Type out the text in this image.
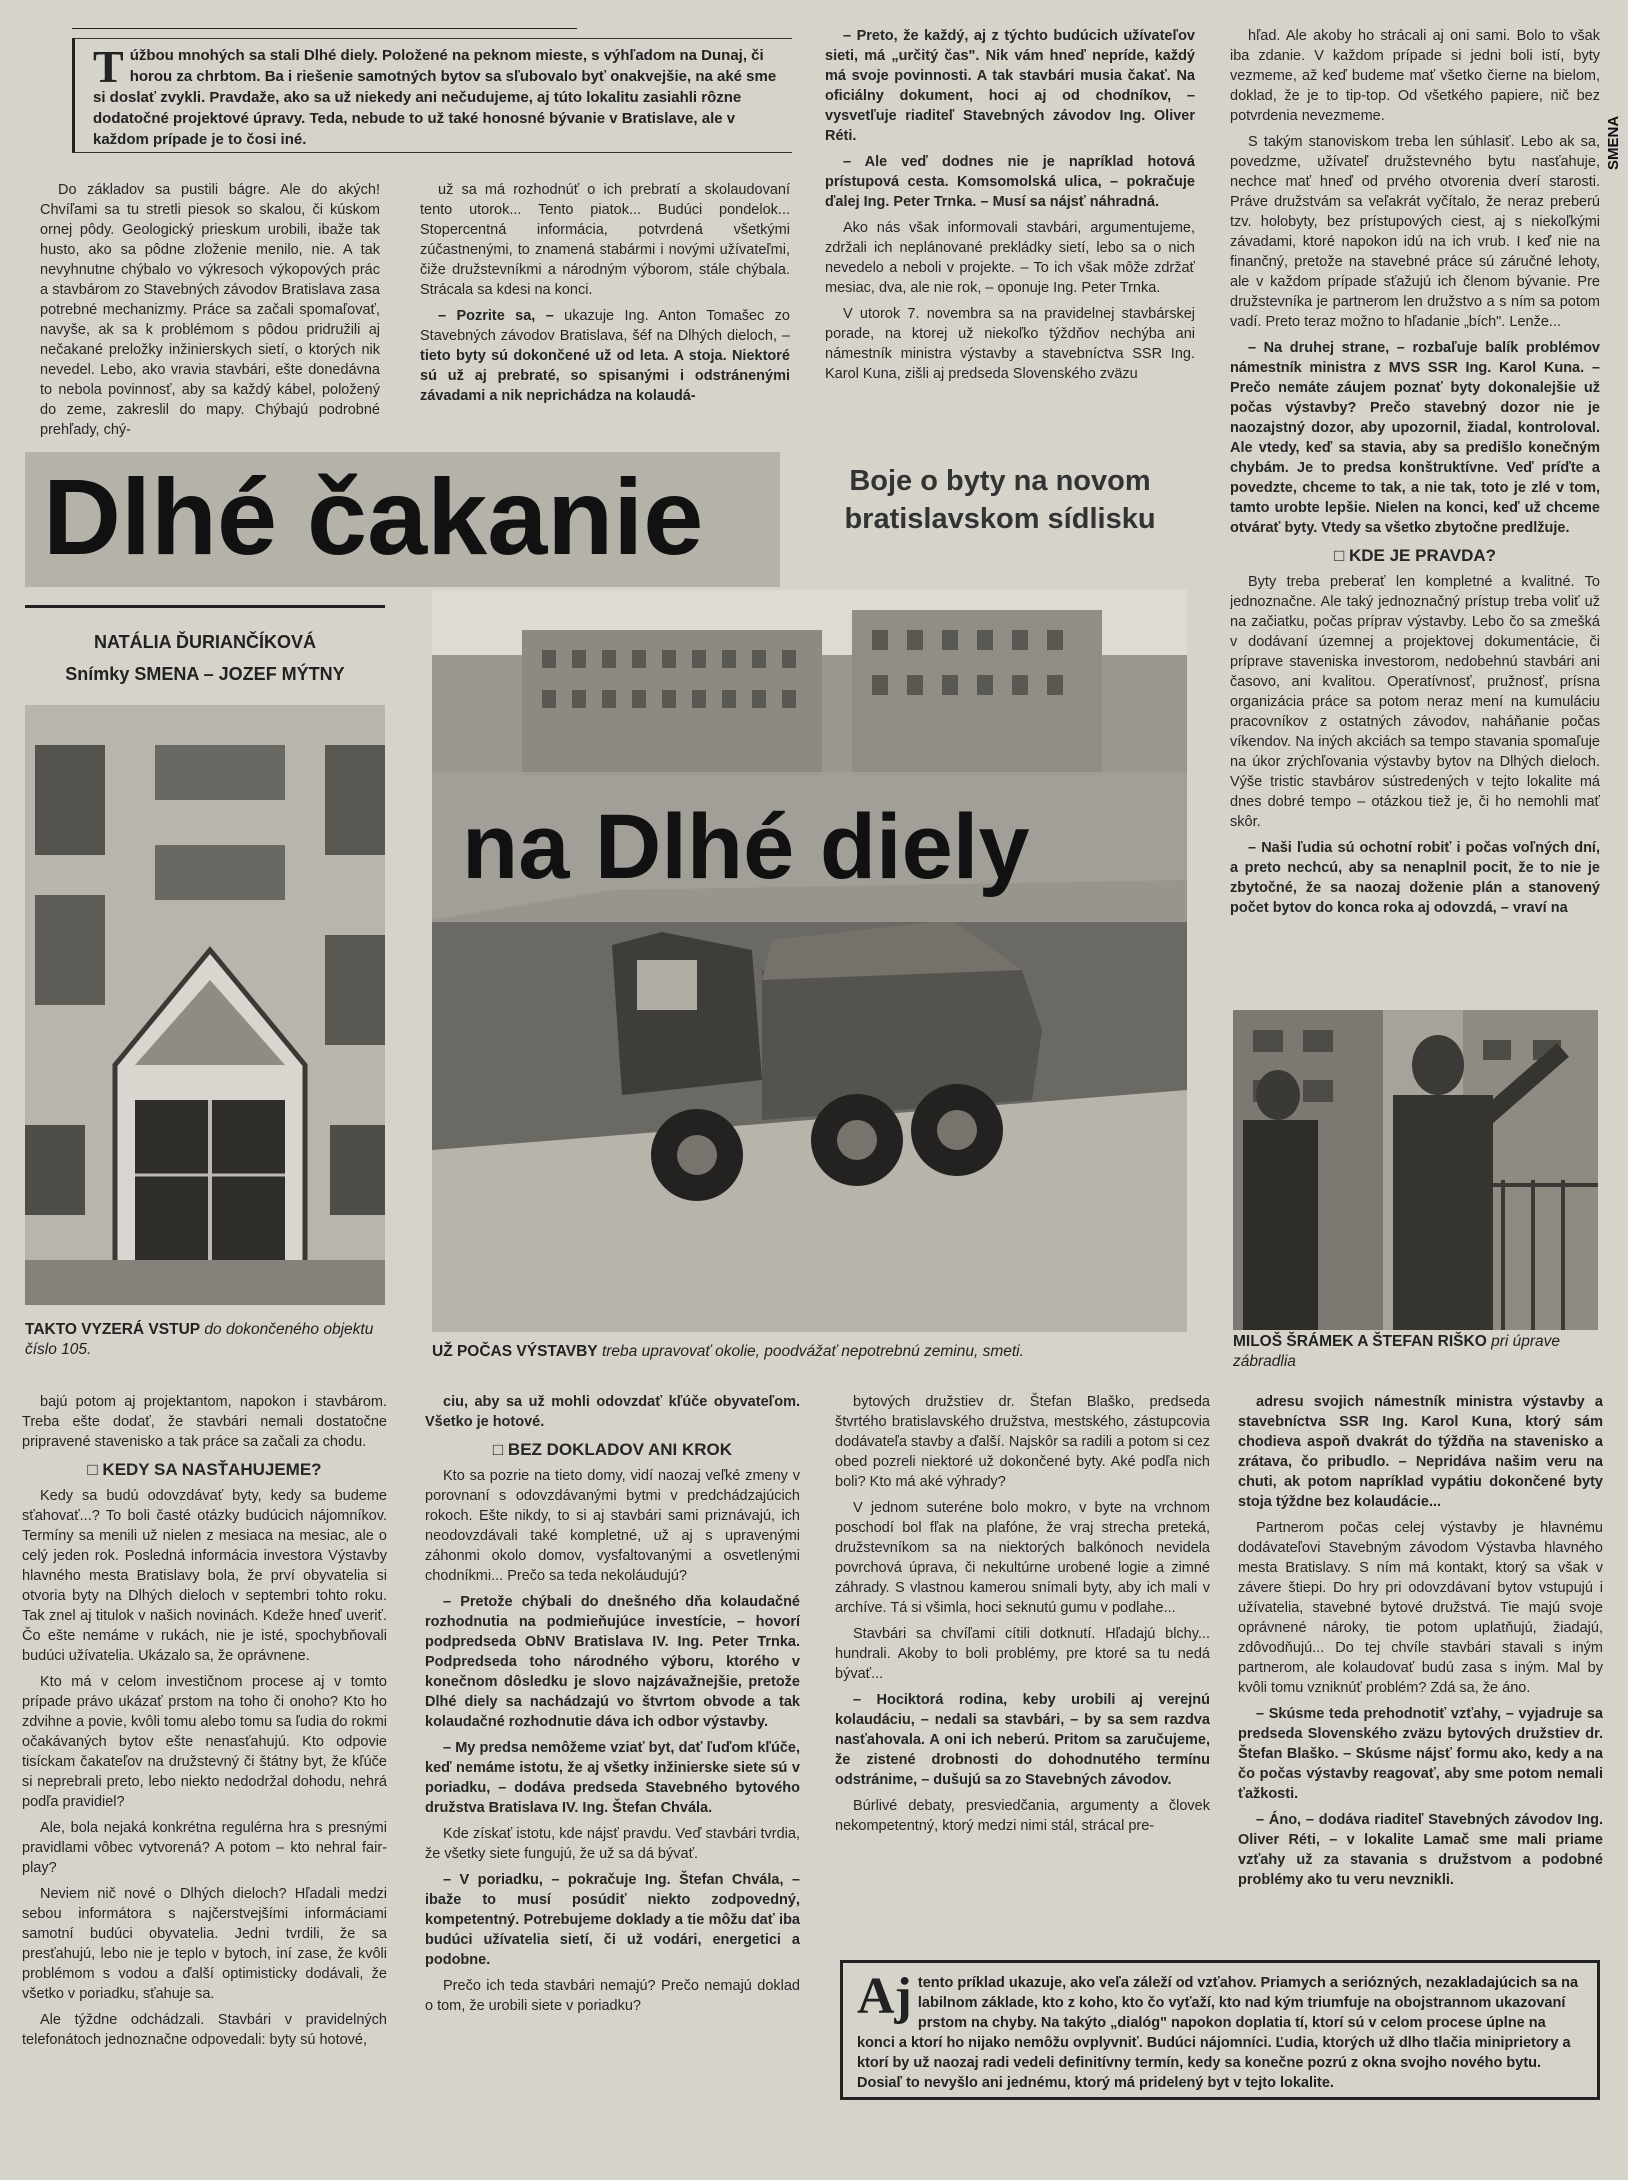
SMENA
T úžbou mnohých sa stali Dlhé diely. Položené na peknom mieste, s výhľadom na Dunaj, či horou za chrbtom. Ba i riešenie samotných bytov sa sľubovalo byť onakvejšie, na aké sme si doslať zvykli. Pravdaže, ako sa už niekedy ani nečudujeme, aj túto lokalitu zasiahli rôzne dodatočné projektové úpravy. Teda, nebude to už také honosné bývanie v Bratislave, ale v každom prípade je to čosi iné.

Do základov sa pustili bágre. Ale do akých! Chvíľami sa tu stretli piesok so skalou, či kúskom ornej pôdy. Geologický prieskum urobili, ibaže tak husto, ako sa pôdne zloženie menilo, nie. A tak nevyhnutne chýbalo vo výkresoch výkopových prác a stavbárom zo Stavebných závodov Bratislava zasa potrebné mechanizmy. Práce sa začali spomaľovať, navyše, ak sa k problémom s pôdou pridružili aj nečakané preložky inžinierskych sietí, o ktorých nik nevedel. Lebo, ako vravia stavbári, ešte donedávna to nebola povinnosť, aby sa každý kábel, položený do zeme, zakreslil do mapy. Chýbajú podrobné prehľady, chý-

už sa má rozhodnúť o ich prebratí a skolaudovaní tento utorok... Tento piatok... Budúci pondelok... Stopercentná informácia, potvrdená všetkými zúčastnenými, to znamená stabármi i novými užívateľmi, čiže družstevníkmi a národným výborom, stále chýbala. Strácala sa kdesi na konci.

– Pozrite sa, – ukazuje Ing. Anton Tomašec zo Stavebných závodov Bratislava, šéf na Dlhých dieloch, – tieto byty sú dokončené už od leta. A stoja. Niektoré sú už aj prebraté, so spisanými i odstránenými závadami a nik neprichádza na kolaudá-

– Preto, že každý, aj z týchto budúcich užívateľov sieti, má „určitý čas". Nik vám hneď nepríde, každý má svoje povinnosti. A tak stavbári musia čakať. Na oficiálny dokument, hoci aj od chodníkov, – vysvetľuje riaditeľ Stavebných závodov Ing. Oliver Réti.

– Ale veď dodnes nie je napríklad hotová prístupová cesta. Komsomolská ulica, – pokračuje ďalej Ing. Peter Trnka. – Musí sa nájsť náhradná.

Ako nás však informovali stavbári, argumentujeme, zdržali ich neplánované prekládky sietí, lebo sa o nich nevedelo a neboli v projekte. – To ich však môže zdržať mesiac, dva, ale nie rok, – oponuje Ing. Peter Trnka.

V utorok 7. novembra sa na pravidelnej stavbárskej porade, na ktorej už niekoľko týždňov nechýba ani námestník ministra výstavby a stavebníctva SSR Ing. Karol Kuna, zišli aj predseda Slovenského zväzu

hľad. Ale akoby ho strácali aj oni sami. Bolo to však iba zdanie. V každom prípade si jedni boli istí, byty vezmeme, až keď budeme mať všetko čierne na bielom, doklad, že je to tip-top. Od všetkého papiere, nič bez potvrdenia nevezmeme.

S takým stanoviskom treba len súhlasiť. Lebo ak sa, povedzme, užívateľ družstevného bytu nasťahuje, nechce mať hneď od prvého otvorenia dverí starosti. Práve družstvám sa veľakrát vyčítalo, že neraz preberú tzv. holobyty, bez prístupových ciest, aj s niekoľkými závadami, ktoré napokon idú na ich vrub. I keď nie na finančný, pretože na stavebné práce sú záručné lehoty, ale v každom prípade sťažujú ich členom bývanie. Pre družstevníka je partnerom len družstvo a s ním sa potom vadí. Preto teraz možno to hľadanie „bích". Lenže...

– Na druhej strane, – rozbaľuje balík problémov námestník ministra z MVS SSR Ing. Karol Kuna. – Prečo nemáte záujem poznať byty dokonalejšie už počas výstavby? Prečo stavebný dozor nie je naozajstný dozor, aby upozornil, žiadal, kontroloval. Ale vtedy, keď sa stavia, aby sa predišlo konečným chybám. Je to predsa konštruktívne. Veď príďte a povedzte, chceme to tak, a nie tak, toto je zlé v tom, tamto urobte lepšie. Nielen na konci, keď už chceme otvárať byty. Vtedy sa všetko zbytočne predlžuje.

□ KDE JE PRAVDA?

Byty treba preberať len kompletné a kvalitné. To jednoznačne. Ale taký jednoznačný prístup treba voliť už na začiatku, počas príprav výstavby. Lebo čo sa zmešká v dodávaní územnej a projektovej dokumentácie, či príprave staveniska investorom, nedobehnú stavbári ani časovo, ani kvalitou. Operatívnosť, pružnosť, prísna organizácia práce sa potom neraz mení na kumuláciu pracovníkov z ostatných závodov, naháňanie počas víkendov. Na iných akciách sa tempo stavania spomaľuje na úkor zrýchľovania výstavby bytov na Dlhých dieloch. Výše tristic stavbárov sústredených v tejto lokalite má dnes dobré tempo – otázkou tiež je, či ho nemohli mať skôr.

– Naši ľudia sú ochotní robiť i počas voľných dní, a preto nechcú, aby sa nenaplnil pocit, že to nie je zbytočné, že sa naozaj doženie plán a stanovený počet bytov do konca roka aj odovzdá, – vraví na

Dlhé čakanie	Boje o byty na novom bratislavskom sídlisku
NATÁLIA ĎURIANČÍKOVÁ
Snímky SMENA – JOZEF MÝTNY
na Dlhé diely
TAKTO VYZERÁ VSTUP do dokončeného objektu číslo 105.	UŽ POČAS VÝSTAVBY treba upravovať okolie, poodvážať nepotrebnú zeminu, smeti.
MILOŠ ŠRÁMEK A ŠTEFAN RIŠKO pri úprave zábradlia

bajú potom aj projektantom, napokon i stavbárom. Treba ešte dodať, že stavbári nemali dostatočne pripravené stavenisko a tak práce sa začali za chodu.

□ KEDY SA NASŤAHUJEME?

Kedy sa budú odovzdávať byty, kedy sa budeme sťahovať...? To boli časté otázky budúcich nájomníkov. Termíny sa menili už nielen z mesiaca na mesiac, ale o celý jeden rok. Posledná informácia investora Výstavby hlavného mesta Bratislavy bola, že prví obyvatelia si otvoria byty na Dlhých dieloch v septembri tohto roku. Tak znel aj titulok v našich novinách. Kdeže hneď uveriť. Čo ešte nemáme v rukách, nie je isté, spochybňovali budúci užívatelia. Ukázalo sa, že oprávnene.

Kto má v celom investičnom procese aj v tomto prípade právo ukázať prstom na toho či onoho? Kto ho zdvihne a povie, kvôli tomu alebo tomu sa ľudia do rokmi očakávaných bytov ešte nenasťahujú. Kto odpovie tisíckam čakateľov na družstevný či štátny byt, že kľúče si neprebrali preto, lebo niekto nedodržal dohodu, nehrá podľa pravidiel?

Ale, bola nejaká konkrétna regulérna hra s presnými pravidlami vôbec vytvorená? A potom – kto nehral fair-play?

Neviem nič nové o Dlhých dieloch? Hľadali medzi sebou informátora s najčerstvejšími informáciami samotní budúci obyvatelia. Jedni tvrdili, že sa presťahujú, lebo nie je teplo v bytoch, iní zase, že kvôli problémom s vodou a ďalší optimisticky dodávali, že všetko v poriadku, sťahuje sa.

Ale týždne odchádzali. Stavbári v pravidelných telefonátoch jednoznačne odpovedali: byty sú hotové,

ciu, aby sa už mohli odovzdať kľúče obyvateľom. Všetko je hotové.

□ BEZ DOKLADOV ANI KROK

Kto sa pozrie na tieto domy, vidí naozaj veľké zmeny v porovnaní s odovzdávanými bytmi v predchádzajúcich rokoch. Ešte nikdy, to si aj stavbári sami priznávajú, ich neodovzdávali také kompletné, už aj s upravenými záhonmi okolo domov, vysfaltovanými a osvetlenými chodníkmi... Prečo sa teda nekoláudujú?

– Pretože chýbali do dnešného dňa kolaudačné rozhodnutia na podmieňujúce investície, – hovorí podpredseda ObNV Bratislava IV. Ing. Peter Trnka. Podpredseda toho národného výboru, ktorého v konečnom dôsledku je slovo najzávažnejšie, pretože Dlhé diely sa nachádzajú vo štvrtom obvode a tak kolaudačné rozhodnutie dáva ich odbor výstavby.

– My predsa nemôžeme vziať byt, dať ľuďom kľúče, keď nemáme istotu, že aj všetky inžinierske siete sú v poriadku, – dodáva predseda Stavebného bytového družstva Bratislava IV. Ing. Štefan Chvála.

Kde získať istotu, kde nájsť pravdu. Veď stavbári tvrdia, že všetky siete fungujú, že už sa dá bývať.

– V poriadku, – pokračuje Ing. Štefan Chvála, – ibaže to musí posúdiť niekto zodpovedný, kompetentný. Potrebujeme doklady a tie môžu dať iba budúci užívatelia sietí, či už vodári, energetici a podobne.

Prečo ich teda stavbári nemajú? Prečo nemajú doklad o tom, že urobili siete v poriadku?

bytových družstiev dr. Štefan Blaško, predseda štvrtého bratislavského družstva, mestského, zástupcovia dodávateľa stavby a ďalší. Najskôr sa radili a potom si cez obed pozreli niektoré už dokončené byty. Aké podľa nich boli? Kto má aké výhrady?

V jednom suteréne bolo mokro, v byte na vrchnom poschodí bol fľak na plafóne, že vraj strecha preteká, družstevníkom sa na niektorých balkónoch nevidela povrchová úprava, či nekultúrne urobené logie a zimné záhrady. S vlastnou kamerou snímali byty, aby ich mali v archíve. Tá si všimla, hoci seknutú gumu v podlahe...

Stavbári sa chvíľami cítili dotknutí. Hľadajú blchy... hundrali. Akoby to boli problémy, pre ktoré sa tu nedá bývať...

– Hociktorá rodina, keby urobili aj verejnú kolaudáciu, – nedali sa stavbári, – by sa sem razdva nasťahovala. A oni ich neberú. Pritom sa zaručujeme, že zistené drobnosti do dohodnutého termínu odstránime, – dušujú sa zo Stavebných závodov.

Búrlivé debaty, presviedčania, argumenty a človek nekompetentný, ktorý medzi nimi stál, strácal pre-

adresu svojich námestník ministra výstavby a stavebníctva SSR Ing. Karol Kuna, ktorý sám chodieva aspoň dvakrát do týždňa na stavenisko a zrátava, čo pribudlo. – Nepridáva našim veru na chuti, ak potom napríklad vypátiu dokončené byty stoja týždne bez kolaudácie...

Partnerom počas celej výstavby je hlavnému dodávateľovi Stavebným závodom Výstavba hlavného mesta Bratislavy. S ním má kontakt, ktorý sa však v závere štiepi. Do hry pri odovzdávaní bytov vstupujú i užívatelia, stavebné bytové družstvá. Tie majú svoje oprávnené nároky, tie potom uplatňujú, žiadajú, zdôvodňujú... Do tej chvíle stavbári stavali s iným partnerom, ale kolaudovať budú zasa s iným. Mal by kvôli tomu vzniknúť problém? Zdá sa, že áno.

– Skúsme teda prehodnotiť vzťahy, – vyjadruje sa predseda Slovenského zväzu bytových družstiev dr. Štefan Blaško. – Skúsme nájsť formu ako, kedy a na čo počas výstavby reagovať, aby sme potom nemali ťažkosti.

– Áno, – dodáva riaditeľ Stavebných závodov Ing. Oliver Réti, – v lokalite Lamač sme mali priame vzťahy už za stavania s družstvom a podobné problémy ako tu veru nevznikli.

Aj tento príklad ukazuje, ako veľa záleží od vzťahov. Priamych a seriózných, nezakladajúcich sa na labilnom základe, kto z koho, kto čo vyťaží, kto nad kým triumfuje na obojstrannom ukazovaní prstom na chyby. Na takýto „dialóg" napokon doplatia tí, ktorí sú v celom procese úplne na konci a ktorí ho nijako nemôžu ovplyvniť. Budúci nájomníci. Ľudia, ktorých už dlho tlačia miniprietory a ktorí by už naozaj radi vedeli definitívny termín, kedy sa konečne pozrú z okna svojho nového bytu. Dosiaľ to nevyšlo ani jednému, ktorý má pridelený byt v tejto lokalite.
